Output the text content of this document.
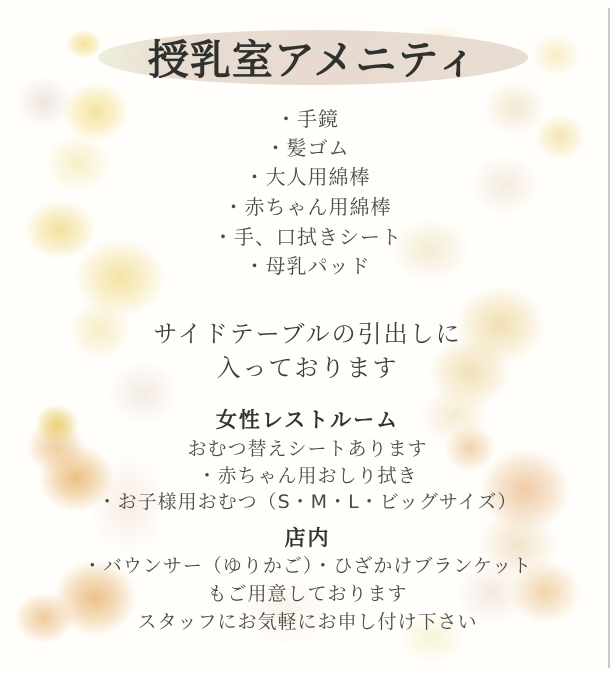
授乳室アメニティ
・手鏡
・髪ゴム
・大人用綿棒
・赤ちゃん用綿棒
・手、口拭きシート
・母乳パッド
サイドテーブルの引出しに
入っております
女性レストルーム
おむつ替えシートあります
・赤ちゃん用おしり拭き
・お子様用おむつ（S・M・L・ビッグサイズ）
店内
・バウンサー（ゆりかご）・ひざかけブランケット
もご用意しております
スタッフにお気軽にお申し付け下さい
